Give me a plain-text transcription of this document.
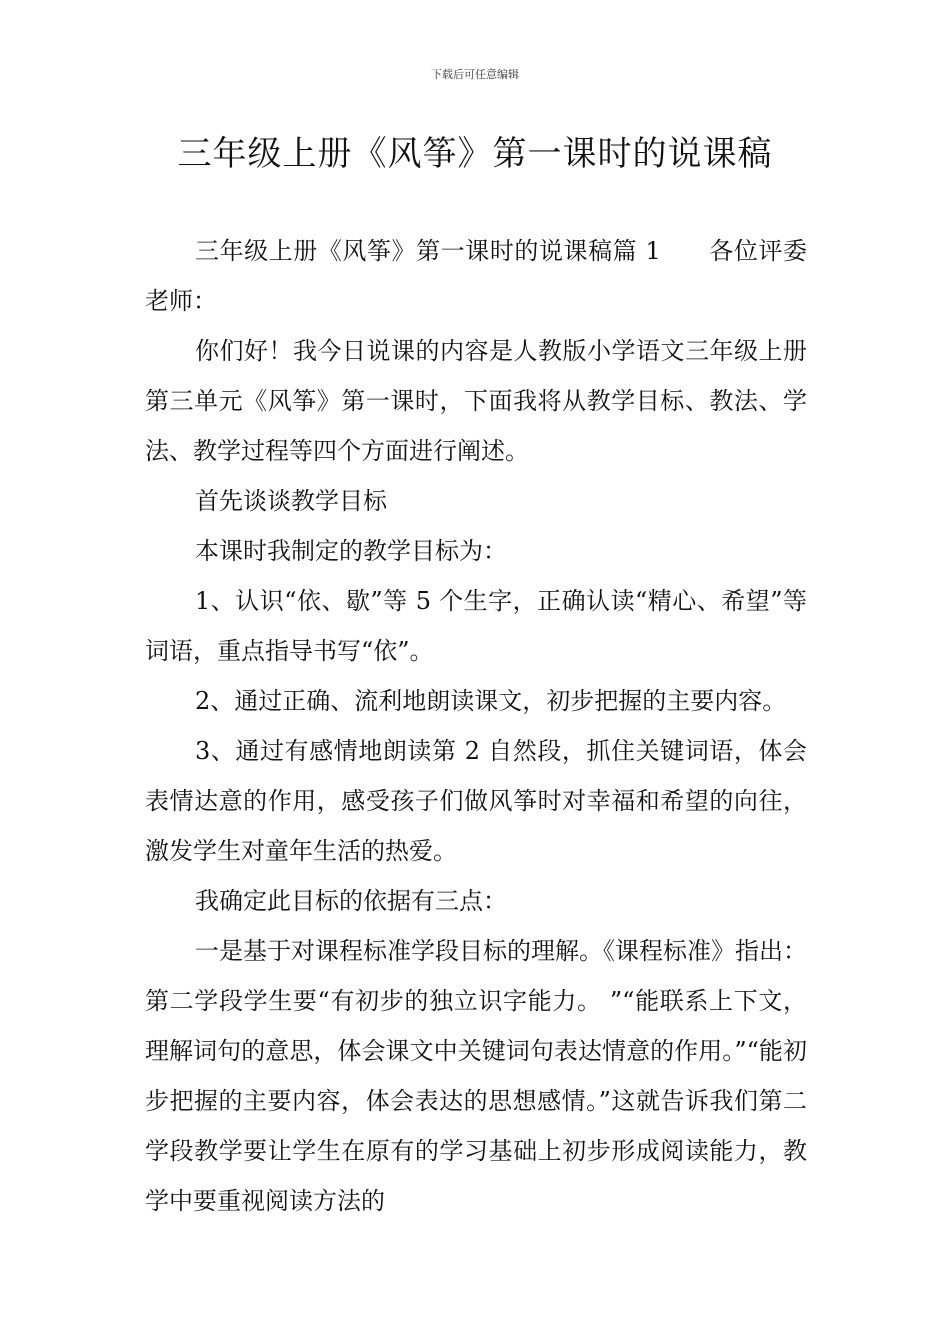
下载后可任意编辑
三年级上册《风筝》第一课时的说课稿

三年级上册《风筝》第一课时的说课稿篇 1 各位评委老师：

你们好！我今日说课的内容是人教版小学语文三年级上册第三单元《风筝》第一课时，下面我将从教学目标、教法、学法、教学过程等四个方面进行阐述。

首先谈谈教学目标

本课时我制定的教学目标为：

1、认识“依、歇”等 5 个生字，正确认读“精心、希望”等词语，重点指导书写“依”。

2、通过正确、流利地朗读课文，初步把握的主要内容。

3、通过有感情地朗读第 2 自然段，抓住关键词语，体会表情达意的作用，感受孩子们做风筝时对幸福和希望的向往，激发学生对童年生活的热爱。

我确定此目标的依据有三点：

一是基于对课程标准学段目标的理解。《课程标准》指出：第二学段学生要“有初步的独立识字能力。 ”“能联系上下文，理解词句的意思，体会课文中关键词句表达情意的作用。”“能初步把握的主要内容，体会表达的思想感情。”这就告诉我们第二学段教学要让学生在原有的学习基础上初步形成阅读能力，教学中要重视阅读方法的
